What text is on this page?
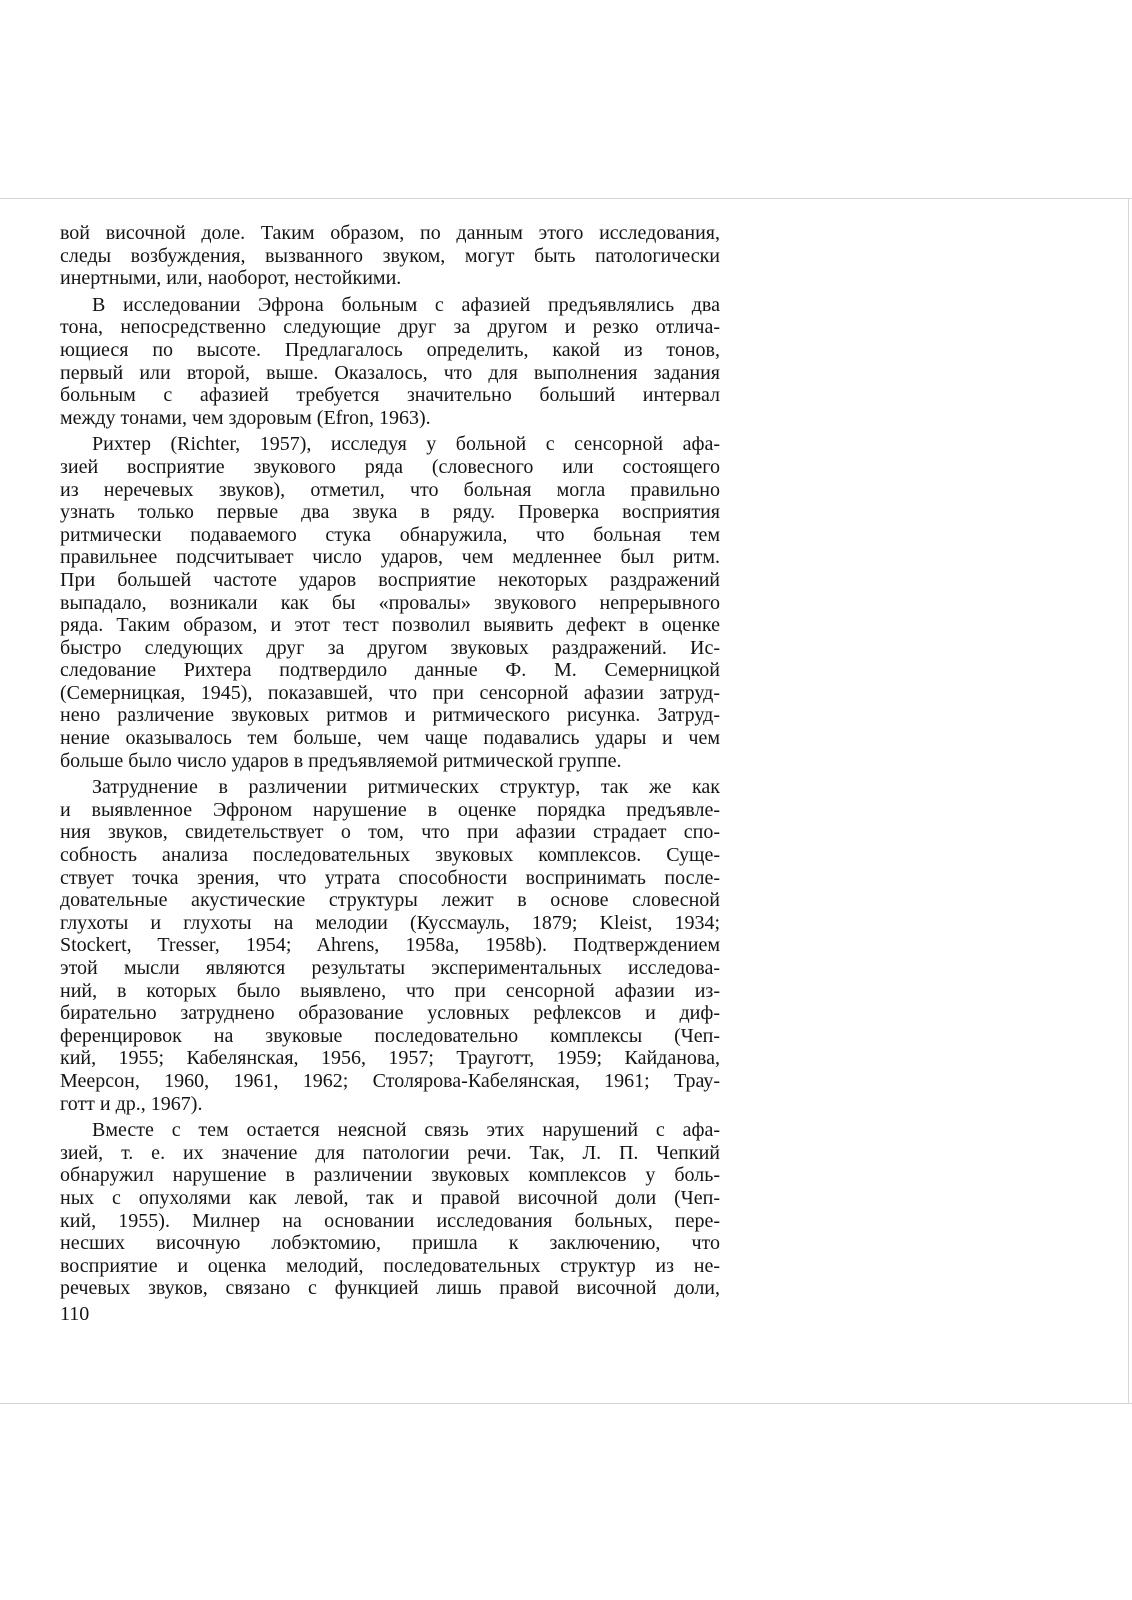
вой височной доле. Таким образом, по данным этого исследования,
следы возбуждения, вызванного звуком, могут быть патологически
инертными, или, наоборот, нестойкими.

В исследовании Эфрона больным с афазией предъявлялись два
тона, непосредственно следующие друг за другом и резко отлича-
ющиеся по высоте. Предлагалось определить, какой из тонов,
первый или второй, выше. Оказалось, что для выполнения задания
больным с афазией требуется значительно больший интервал
между тонами, чем здоровым (Efron, 1963).

Рихтер (Richter, 1957), исследуя у больной с сенсорной афа-
зией восприятие звукового ряда (словесного или состоящего
из неречевых звуков), отметил, что больная могла правильно
узнать только первые два звука в ряду. Проверка восприятия
ритмически подаваемого стука обнаружила, что больная тем
правильнее подсчитывает число ударов, чем медленнее был ритм.
При большей частоте ударов восприятие некоторых раздражений
выпадало, возникали как бы «провалы» звукового непрерывного
ряда. Таким образом, и этот тест позволил выявить дефект в оценке
быстро следующих друг за другом звуковых раздражений. Ис-
следование Рихтера подтвердило данные Ф. М. Семерницкой
(Семерницкая, 1945), показавшей, что при сенсорной афазии затруд-
нено различение звуковых ритмов и ритмического рисунка. Затруд-
нение оказывалось тем больше, чем чаще подавались удары и чем
больше было число ударов в предъявляемой ритмической группе.

Затруднение в различении ритмических структур, так же как
и выявленное Эфроном нарушение в оценке порядка предъявле-
ния звуков, свидетельствует о том, что при афазии страдает спо-
собность анализа последовательных звуковых комплексов. Суще-
ствует точка зрения, что утрата способности воспринимать после-
довательные акустические структуры лежит в основе словесной
глухоты и глухоты на мелодии (Куссмауль, 1879; Kleist, 1934;
Stockert, Tresser, 1954; Ahrens, 1958a, 1958b). Подтверждением
этой мысли являются результаты экспериментальных исследова-
ний, в которых было выявлено, что при сенсорной афазии из-
бирательно затруднено образование условных рефлексов и диф-
ференцировок на звуковые последовательно комплексы (Чеп-
кий, 1955; Кабелянская, 1956, 1957; Трауготт, 1959; Кайданова,
Меерсон, 1960, 1961, 1962; Столярова-Кабелянская, 1961; Трау-
готт и др., 1967).

Вместе с тем остается неясной связь этих нарушений с афа-
зией, т. е. их значение для патологии речи. Так, Л. П. Чепкий
обнаружил нарушение в различении звуковых комплексов у боль-
ных с опухолями как левой, так и правой височной доли (Чеп-
кий, 1955). Милнер на основании исследования больных, пере-
несших височную лобэктомию, пришла к заключению, что
восприятие и оценка мелодий, последовательных структур из не-
речевых звуков, связано с функцией лишь правой височной доли,

110
